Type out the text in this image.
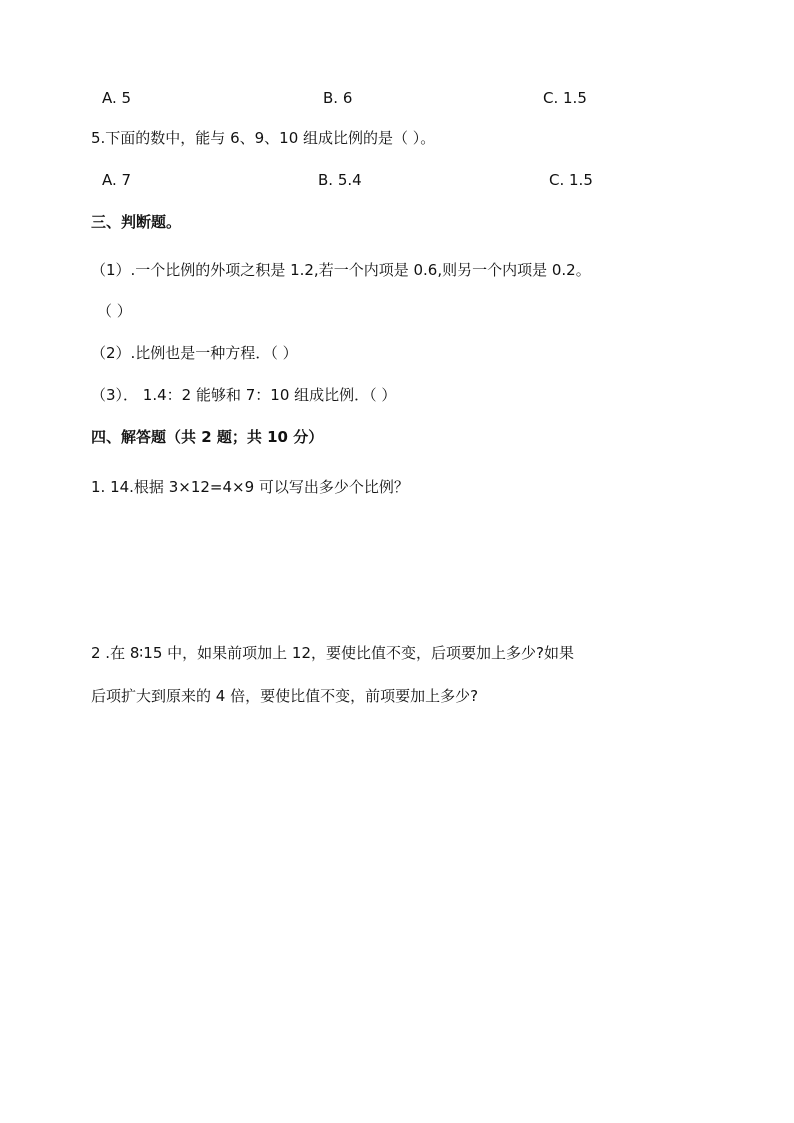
A. 5	B. 6	C. 1.5
5.下面的数中，能与 6、9、10 组成比例的是（ ）。
A. 7	B. 5.4	C. 1.5
三、判断题。
（1）.一个比例的外项之积是 1.2,若一个内项是 0.6,则另一个内项是 0.2。
（ ）
（2）.比例也是一种方程．（ ）
（3）． 1.4：2 能够和 7：10 组成比例．（ ）
四、解答题（共 2 题；共 10 分）
1. 14.根据 3×12=4×9 可以写出多少个比例？
2 .在 8∶15 中，如果前项加上 12，要使比值不变，后项要加上多少?如果
后项扩大到原来的 4 倍，要使比值不变，前项要加上多少?
